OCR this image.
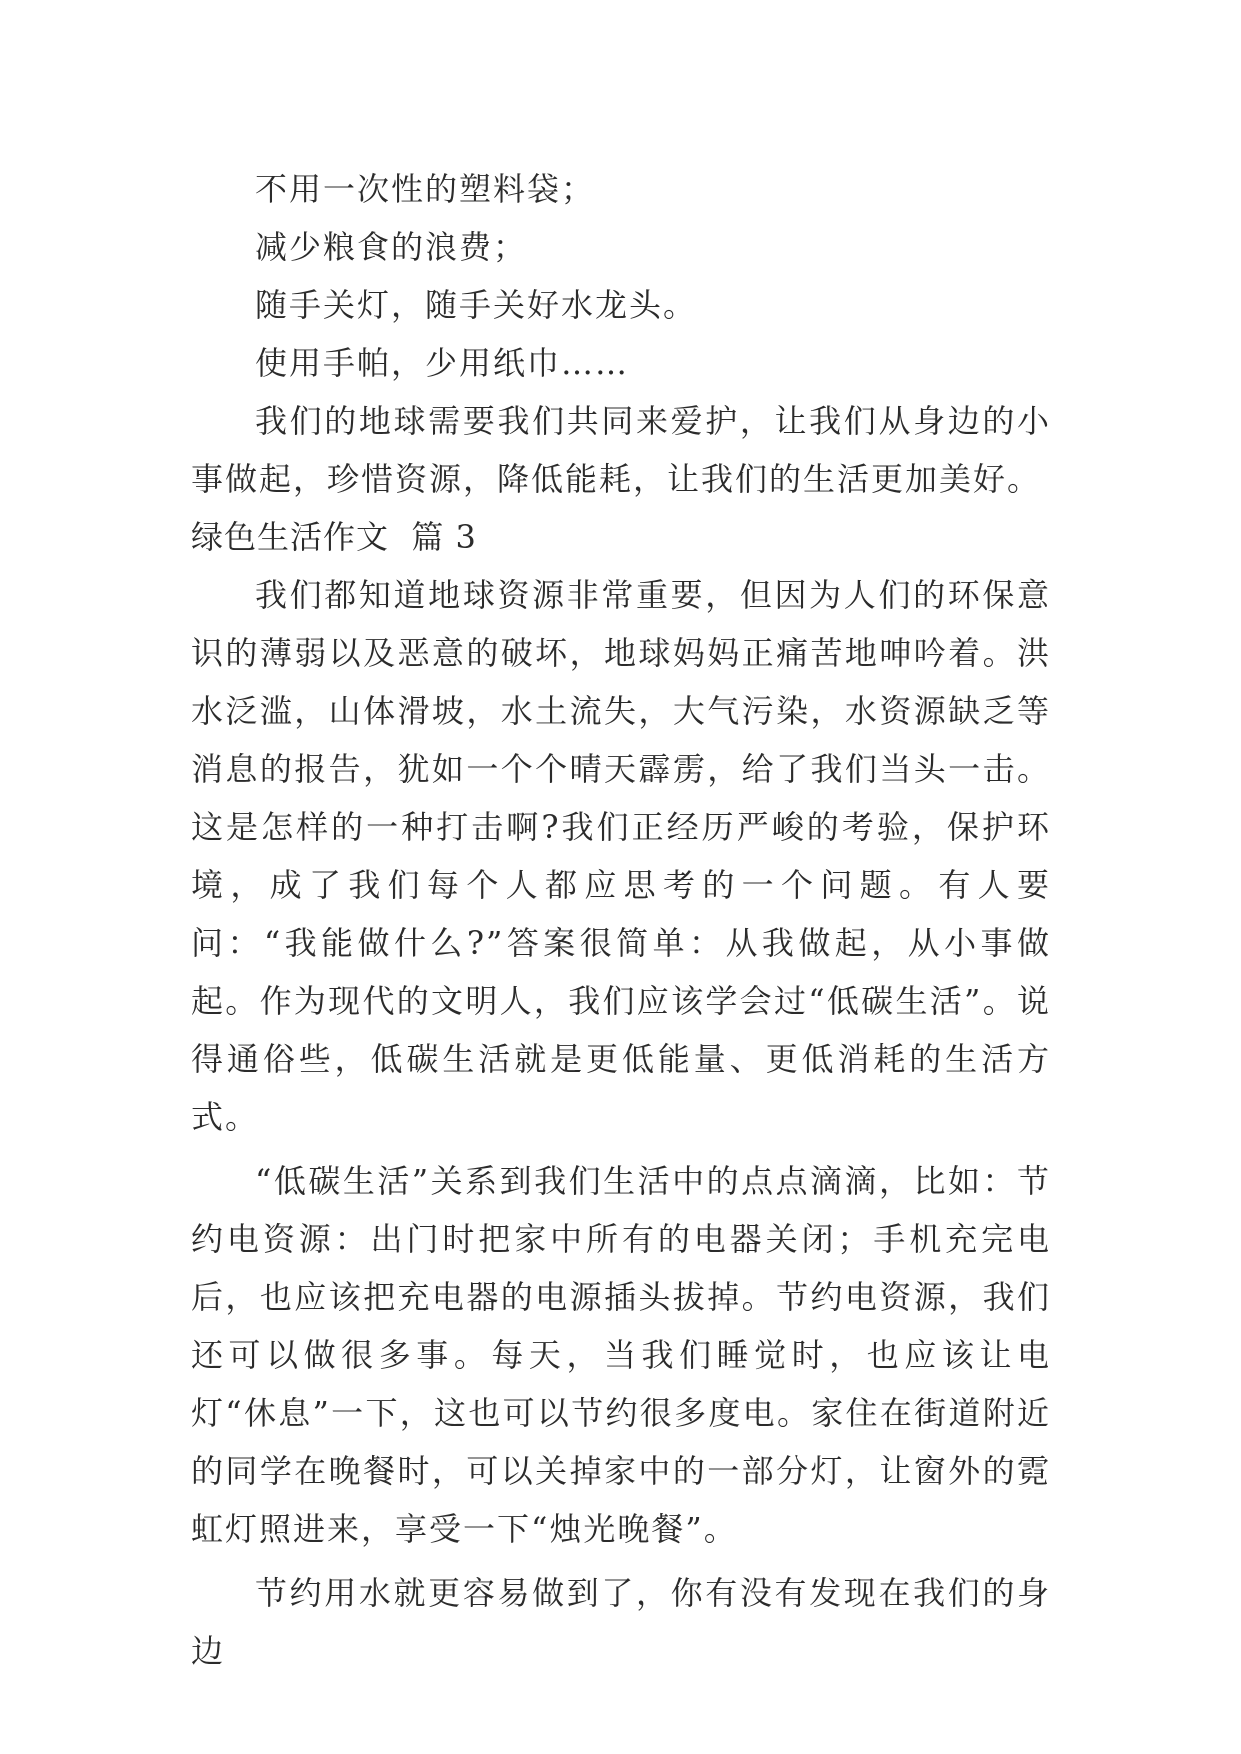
不用一次性的塑料袋；

减少粮食的浪费；

随手关灯，随手关好水龙头。

使用手帕，少用纸巾……

我们的地球需要我们共同来爱护，让我们从身边的小事做起，珍惜资源，降低能耗，让我们的生活更加美好。

绿色生活作文  篇 3

我们都知道地球资源非常重要，但因为人们的环保意识的薄弱以及恶意的破坏，地球妈妈正痛苦地呻吟着。洪水泛滥，山体滑坡，水土流失，大气污染，水资源缺乏等消息的报告，犹如一个个晴天霹雳，给了我们当头一击。这是怎样的一种打击啊?我们正经历严峻的考验，保护环境，成了我们每个人都应思考的一个问题。有人要问：“我能做什么?”答案很简单：从我做起，从小事做起。作为现代的文明人，我们应该学会过“低碳生活”。说得通俗些，低碳生活就是更低能量、更低消耗的生活方式。

“低碳生活”关系到我们生活中的点点滴滴，比如：节约电资源：出门时把家中所有的电器关闭；手机充完电后，也应该把充电器的电源插头拔掉。节约电资源，我们还可以做很多事。每天，当我们睡觉时，也应该让电灯“休息”一下，这也可以节约很多度电。家住在街道附近的同学在晚餐时，可以关掉家中的一部分灯，让窗外的霓虹灯照进来，享受一下“烛光晚餐”。

节约用水就更容易做到了，你有没有发现在我们的身边
